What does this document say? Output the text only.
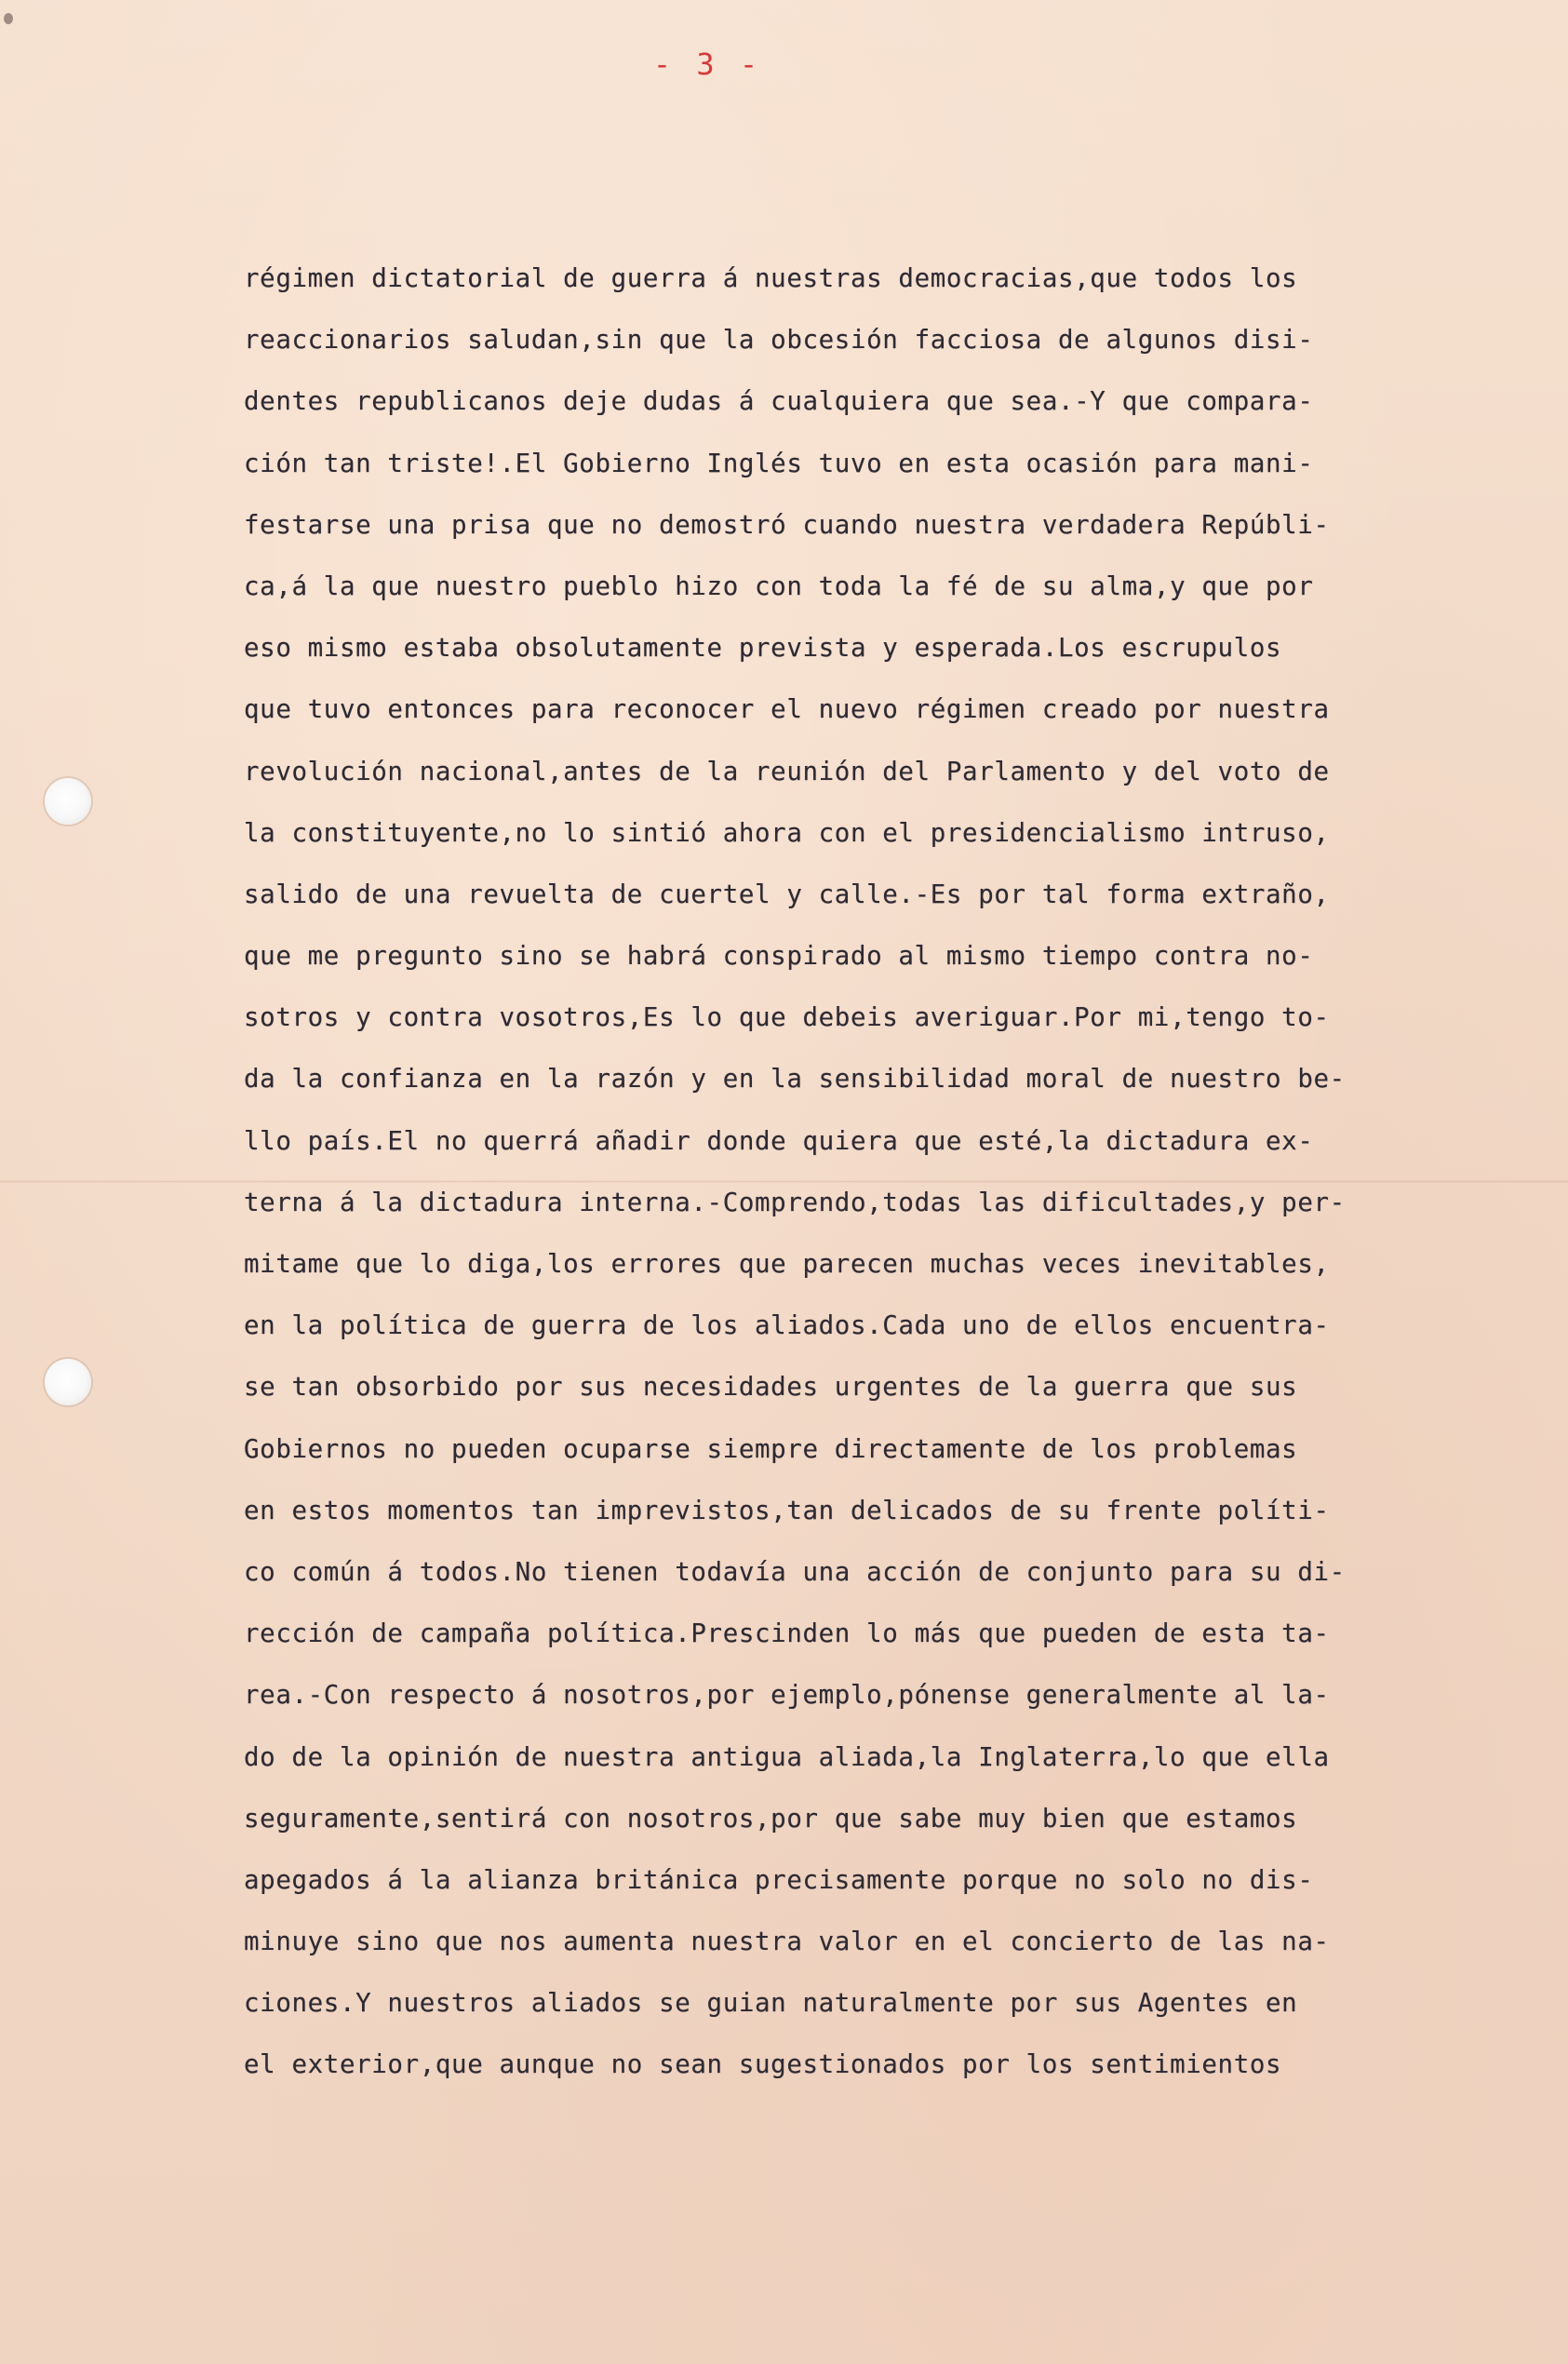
- 3 -
régimen dictatorial de guerra á nuestras democracias,que todos los
reaccionarios saludan,sin que la obcesión facciosa de algunos disi-
dentes republicanos deje dudas á cualquiera que sea.-Y que compara-
ción tan triste!.El Gobierno Inglés tuvo en esta ocasión para mani-
festarse una prisa que no demostró cuando nuestra verdadera Repúbli-
ca,á la que nuestro pueblo hizo con toda la fé de su alma,y que por
eso mismo estaba obsolutamente prevista y esperada.Los escrupulos
que tuvo entonces para reconocer el nuevo régimen creado por nuestra
revolución nacional,antes de la reunión del Parlamento y del voto de
la constituyente,no lo sintió ahora con el presidencialismo intruso,
salido de una revuelta de cuertel y calle.-Es por tal forma extraño,
que me pregunto sino se habrá conspirado al mismo tiempo contra no-
sotros y contra vosotros,Es lo que debeis averiguar.Por mi,tengo to-
da la confianza en la razón y en la sensibilidad moral de nuestro be-
llo país.El no querrá añadir donde quiera que esté,la dictadura ex-
terna á la dictadura interna.-Comprendo,todas las dificultades,y per-
mitame que lo diga,los errores que parecen muchas veces inevitables,
en la política de guerra de los aliados.Cada uno de ellos encuentra-
se tan obsorbido por sus necesidades urgentes de la guerra que sus
Gobiernos no pueden ocuparse siempre directamente de los problemas
en estos momentos tan imprevistos,tan delicados de su frente políti-
co común á todos.No tienen todavía una acción de conjunto para su di-
rección de campaña política.Prescinden lo más que pueden de esta ta-
rea.-Con respecto á nosotros,por ejemplo,pónense generalmente al la-
do de la opinión de nuestra antigua aliada,la Inglaterra,lo que ella
seguramente,sentirá con nosotros,por que sabe muy bien que estamos
apegados á la alianza británica precisamente porque no solo no dis-
minuye sino que nos aumenta nuestra valor en el concierto de las na-
ciones.Y nuestros aliados se guian naturalmente por sus Agentes en
el exterior,que aunque no sean sugestionados por los sentimientos
